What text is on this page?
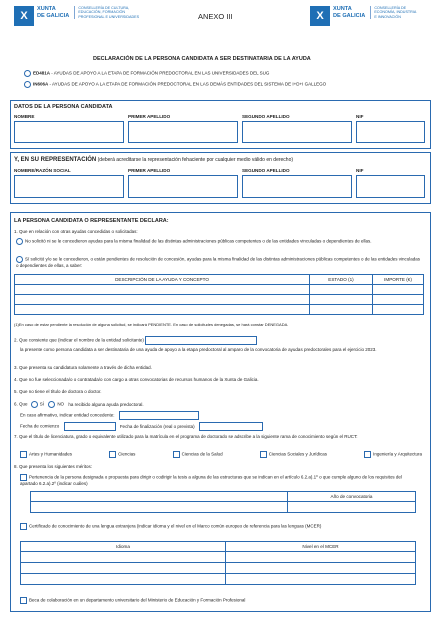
X
XUNTA
DE GALICIA
CONSELLERÍA DE CULTURA,
EDUCACIÓN, FORMACIÓN
PROFESIONAL E UNIVERSIDADES	ANEXO III	X
XUNTA
DE GALICIA
CONSELLERÍA DE
ECONOMÍA, INDUSTRIA
E INNOVACIÓN
DECLARACIÓN DE LA PERSONA CANDIDATA A SER DESTINATARIA DE LA AYUDA
ED481A - AYUDAS DE APOYO A LA ETAPA DE FORMACIÓN PREDOCTORAL EN LAS UNIVERSIDADES DEL SUG
IN606A - AYUDAS DE APOYO A LA ETAPA DE FORMACIÓN PREDOCTORAL EN LAS DEMÁS ENTIDADES DEL SISTEMA DE I+D+I GALLEGO
DATOS DE LA PERSONA CANDIDATA
NOMBRE	PRIMER APELLIDO	SEGUNDO APELLIDO	NIF
Y, EN SU REPRESENTACIÓN (deberá acreditarse la representación fehaciente por cualquier medio válido en derecho)
NOMBRE/RAZÓN SOCIAL	PRIMER APELLIDO	SEGUNDO APELLIDO	NIF
LA PERSONA CANDIDATA O REPRESENTANTE DECLARA:
1. Que en relación con otras ayudas concedidas o solicitadas:
No solicitó ni se le concedieron ayudas para la misma finalidad de las distintas administraciones públicas competentes o de las entidades vinculadas o dependientes de ellas.
Sí solicitó y/o se le concedieron, o están pendientes de resolución de concesión, ayudas para la misma finalidad de las distintas administraciones públicas competentes o de las entidades vinculadas o dependientes de ellas, a saber:
DESCRIPCIÓN DE LA AYUDA Y CONCEPTO	ESTADO (1)	IMPORTE (€)

(1)En caso de estar pendiente la resolución de alguna solicitud, se indicará PENDIENTE. En caso de solicitudes denegadas, se hará constar DENEGADA.
2. Que consiente que (indicar el nombre de la entidad solicitante)
la presente como persona candidata a ser destinataria de una ayuda de apoyo a la etapa predoctoral al amparo de la convocatoria de ayudas predoctorales para el ejercicio 2023.
3. Que presenta su candidatura solamente a través de dicha entidad.
4. Que no fue seleccionada/o o contratada/o con cargo a otras convocatorias de recursos humanos de la Xunta de Galicia.
5. Que no tiene el título de doctora o doctor.
6. Que	SÍ	NO ha recibido alguna ayuda predoctoral.
En caso afirmativo, indicar entidad concedente:
Fecha de comienzo	Fecha de finalización (real o prevista)
7. Que el título de licenciatura, grado o equivalente utilizado para la matrícula en el programa de doctorado se adscribe a la siguiente rama de conocimiento según el RUCT:
Artes y Humanidades	Ciencias	Ciencias de la Salud	Ciencias Sociales y Jurídicas	Ingeniería y Arquitectura
8. Que presenta los siguientes méritos:
Pertenencia de la persona designada o propuesta para dirigir o codirigir la tesis a alguna de las estructuras que se indican en el artículo 6.2.a).1º o que cumple alguno de los requisitos del apartado 6.2.a).2º (indicar cuáles)
	Año de convocatoria

Certificado de conocimiento de una lengua extranjera (indicar idioma y el nivel en el Marco común europeo de referencia para las lenguas (MCER)
Idioma	Nivel en el MCER

Beca de colaboración en un departamento universitario del Ministerio de Educación y Formación Profesional
